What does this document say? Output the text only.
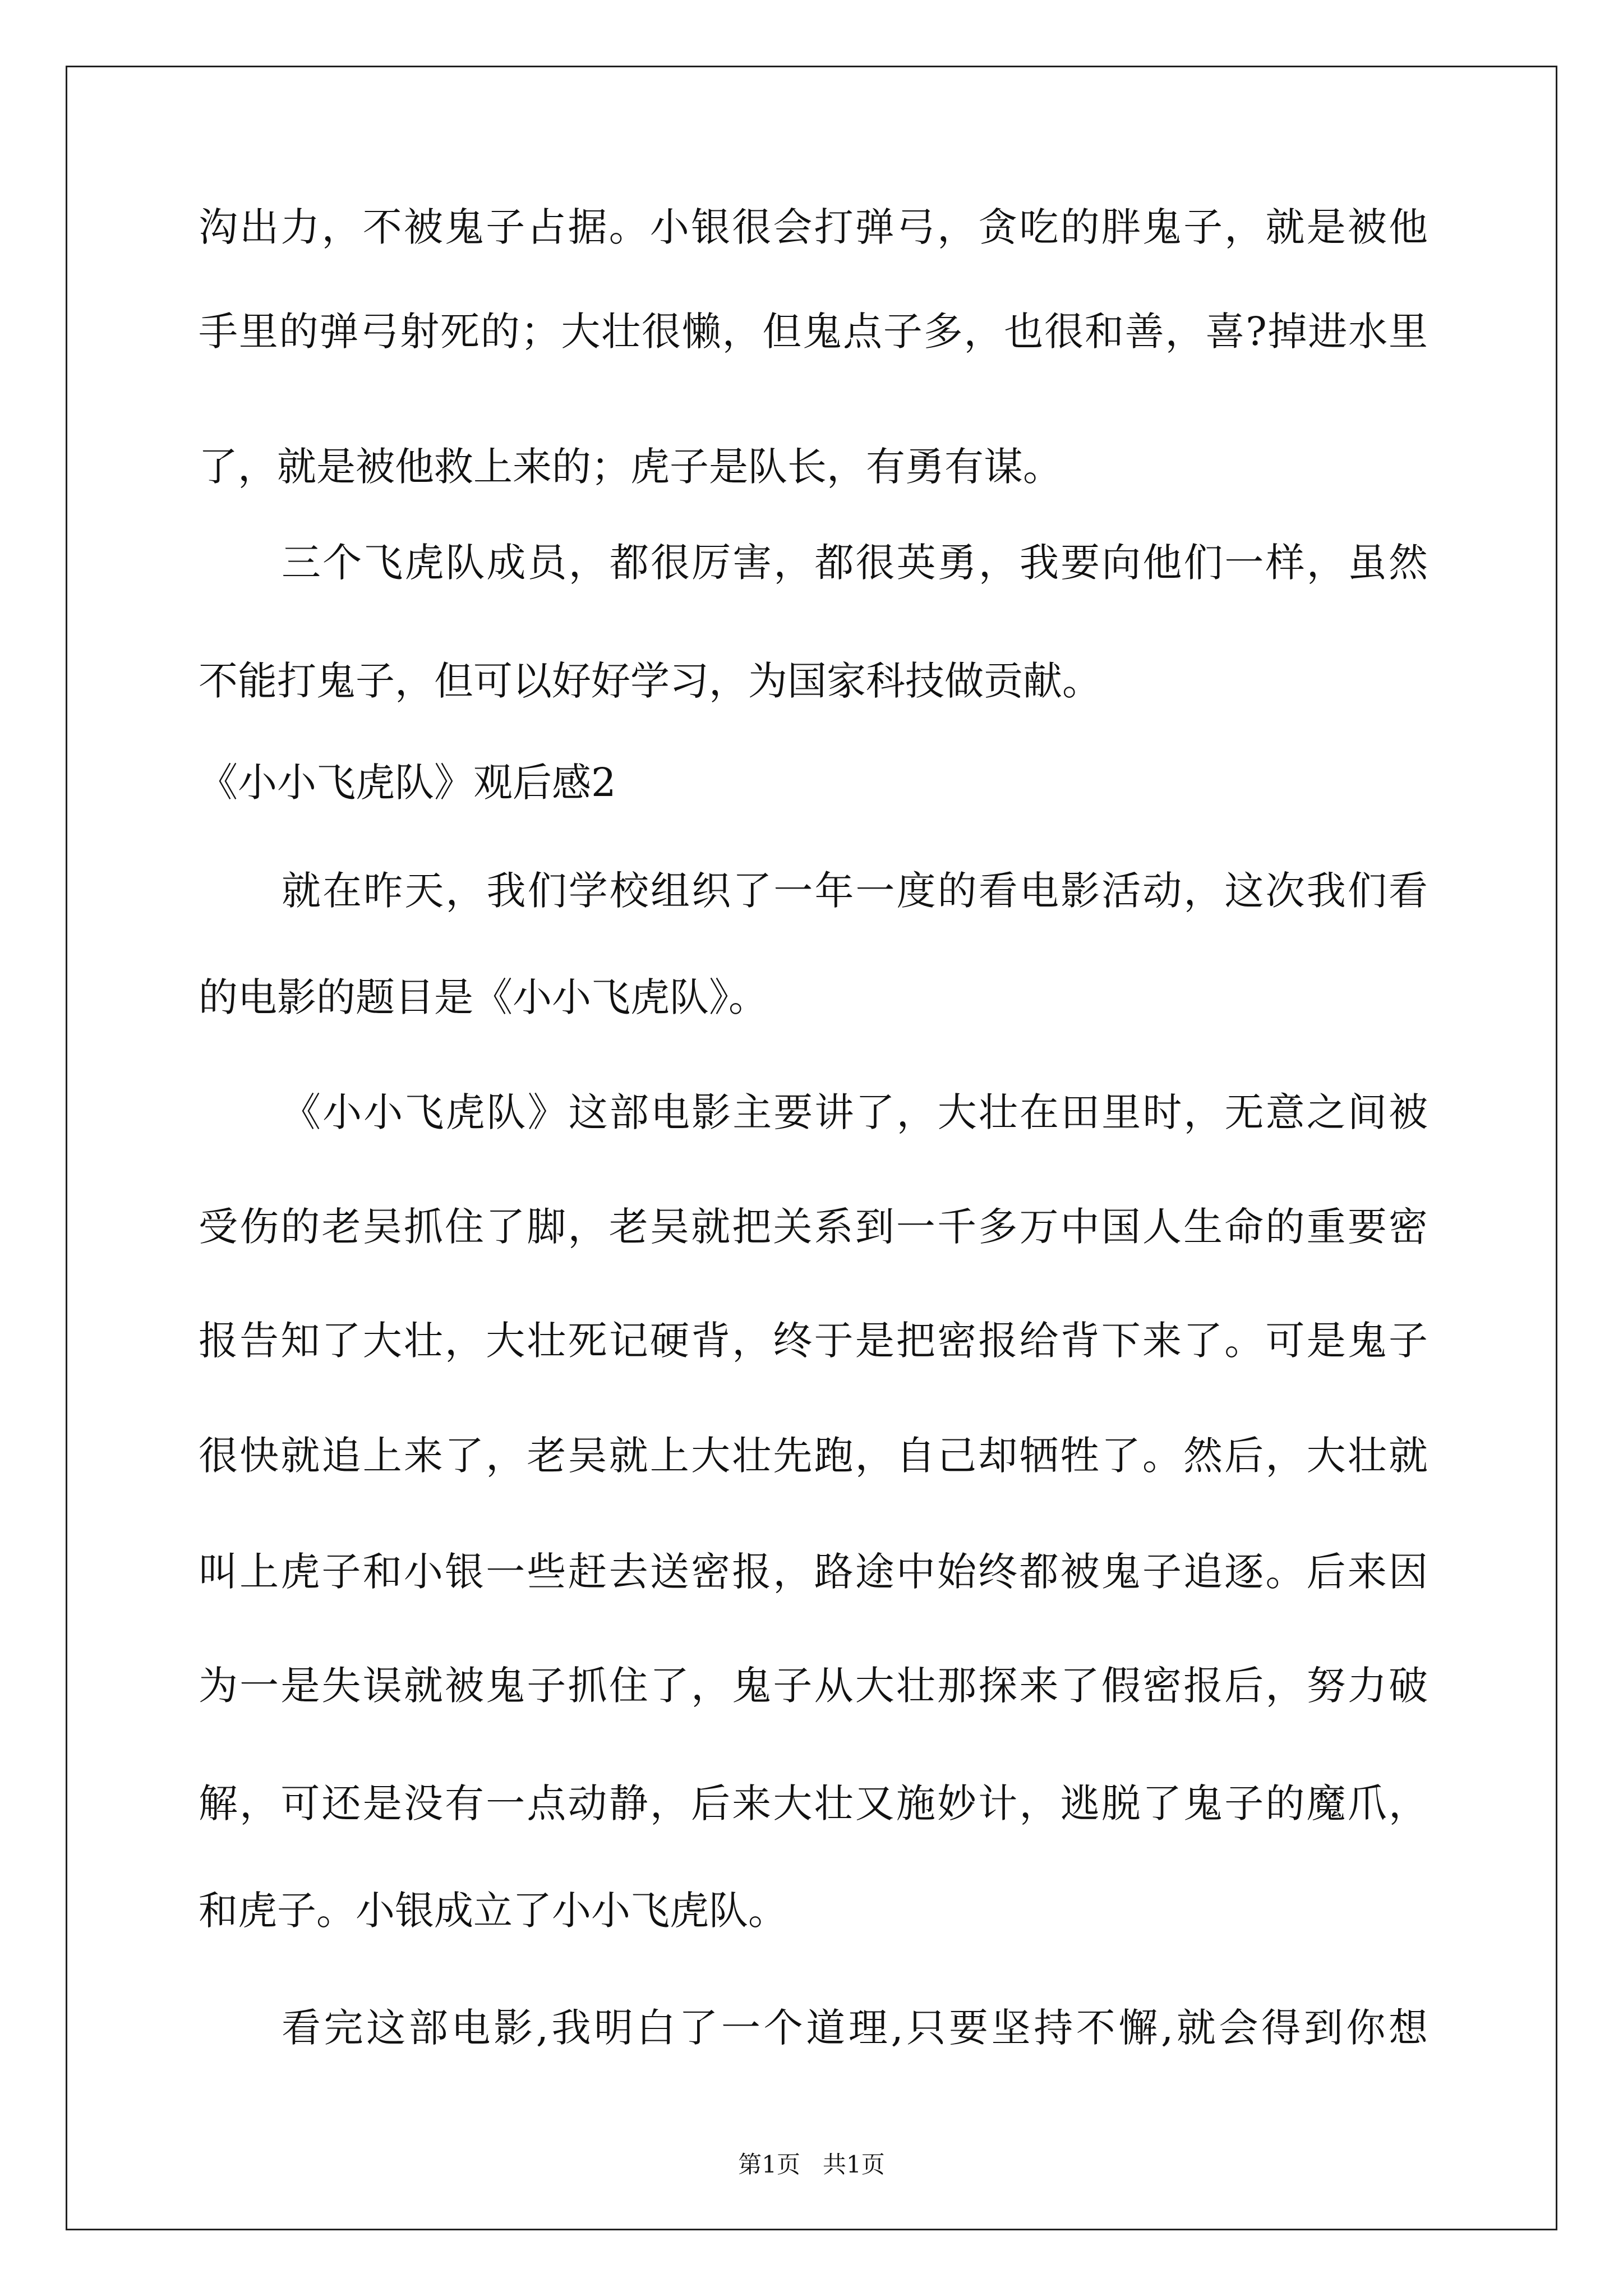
沟出力，不被鬼子占据。小银很会打弹弓，贪吃的胖鬼子，就是被他
手里的弹弓射死的；大壮很懒，但鬼点子多，也很和善，喜?掉进水里
了，就是被他救上来的；虎子是队长，有勇有谋。
三个飞虎队成员，都很厉害，都很英勇，我要向他们一样，虽然
不能打鬼子，但可以好好学习，为国家科技做贡献。
《小小飞虎队》观后感2
就在昨天，我们学校组织了一年一度的看电影活动，这次我们看
的电影的题目是《小小飞虎队》。
《小小飞虎队》这部电影主要讲了，大壮在田里时，无意之间被
受伤的老吴抓住了脚，老吴就把关系到一千多万中国人生命的重要密
报告知了大壮，大壮死记硬背，终于是把密报给背下来了。可是鬼子
很快就追上来了，老吴就上大壮先跑，自己却牺牲了。然后，大壮就
叫上虎子和小银一些赶去送密报，路途中始终都被鬼子追逐。后来因
为一是失误就被鬼子抓住了，鬼子从大壮那探来了假密报后，努力破
解，可还是没有一点动静，后来大壮又施妙计，逃脱了鬼子的魔爪，
和虎子。小银成立了小小飞虎队。
看完这部电影,我明白了一个道理,只要坚持不懈,就会得到你想
第1页   共1页
